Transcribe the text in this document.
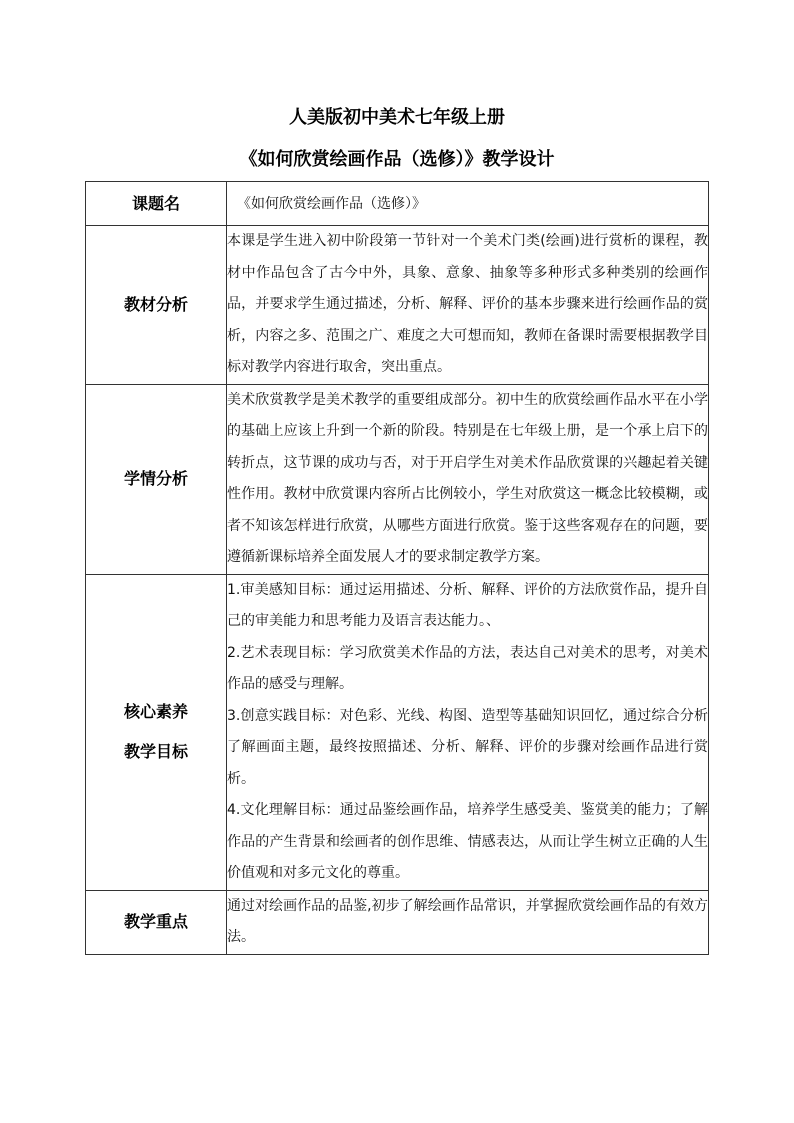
人美版初中美术七年级上册
《如何欣赏绘画作品（选修）》教学设计
课题名	《如何欣赏绘画作品（选修）》

教材分析	本课是学生进入初中阶段第一节针对一个美术门类(绘画)进行赏析的课程，教材中作品包含了古今中外，具象、意象、抽象等多种形式多种类别的绘画作品，并要求学生通过描述，分析、解释、评价的基本步骤来进行绘画作品的赏析，内容之多、范围之广、难度之大可想而知，教师在备课时需要根据教学目标对教学内容进行取舍，突出重点。

学情分析	美术欣赏教学是美术教学的重要组成部分。初中生的欣赏绘画作品水平在小学的基础上应该上升到一个新的阶段。特别是在七年级上册，是一个承上启下的转折点，这节课的成功与否，对于开启学生对美术作品欣赏课的兴趣起着关键性作用。教材中欣赏课内容所占比例较小，学生对欣赏这一概念比较模糊，或者不知该怎样进行欣赏，从哪些方面进行欣赏。鉴于这些客观存在的问题，要遵循新课标培养全面发展人才的要求制定教学方案。

核心素养
教学目标	1.审美感知目标：通过运用描述、分析、解释、评价的方法欣赏作品，提升自己的审美能力和思考能力及语言表达能力。、
2.艺术表现目标：学习欣赏美术作品的方法，表达自己对美术的思考，对美术作品的感受与理解。
3.创意实践目标：对色彩、光线、构图、造型等基础知识回忆，通过综合分析了解画面主题，最终按照描述、分析、解释、评价的步骤对绘画作品进行赏析。
4.文化理解目标：通过品鉴绘画作品，培养学生感受美、鉴赏美的能力；了解作品的产生背景和绘画者的创作思维、情感表达，从而让学生树立正确的人生价值观和对多元文化的尊重。

教学重点	通过对绘画作品的品鉴,初步了解绘画作品常识，并掌握欣赏绘画作品的有效方法。
